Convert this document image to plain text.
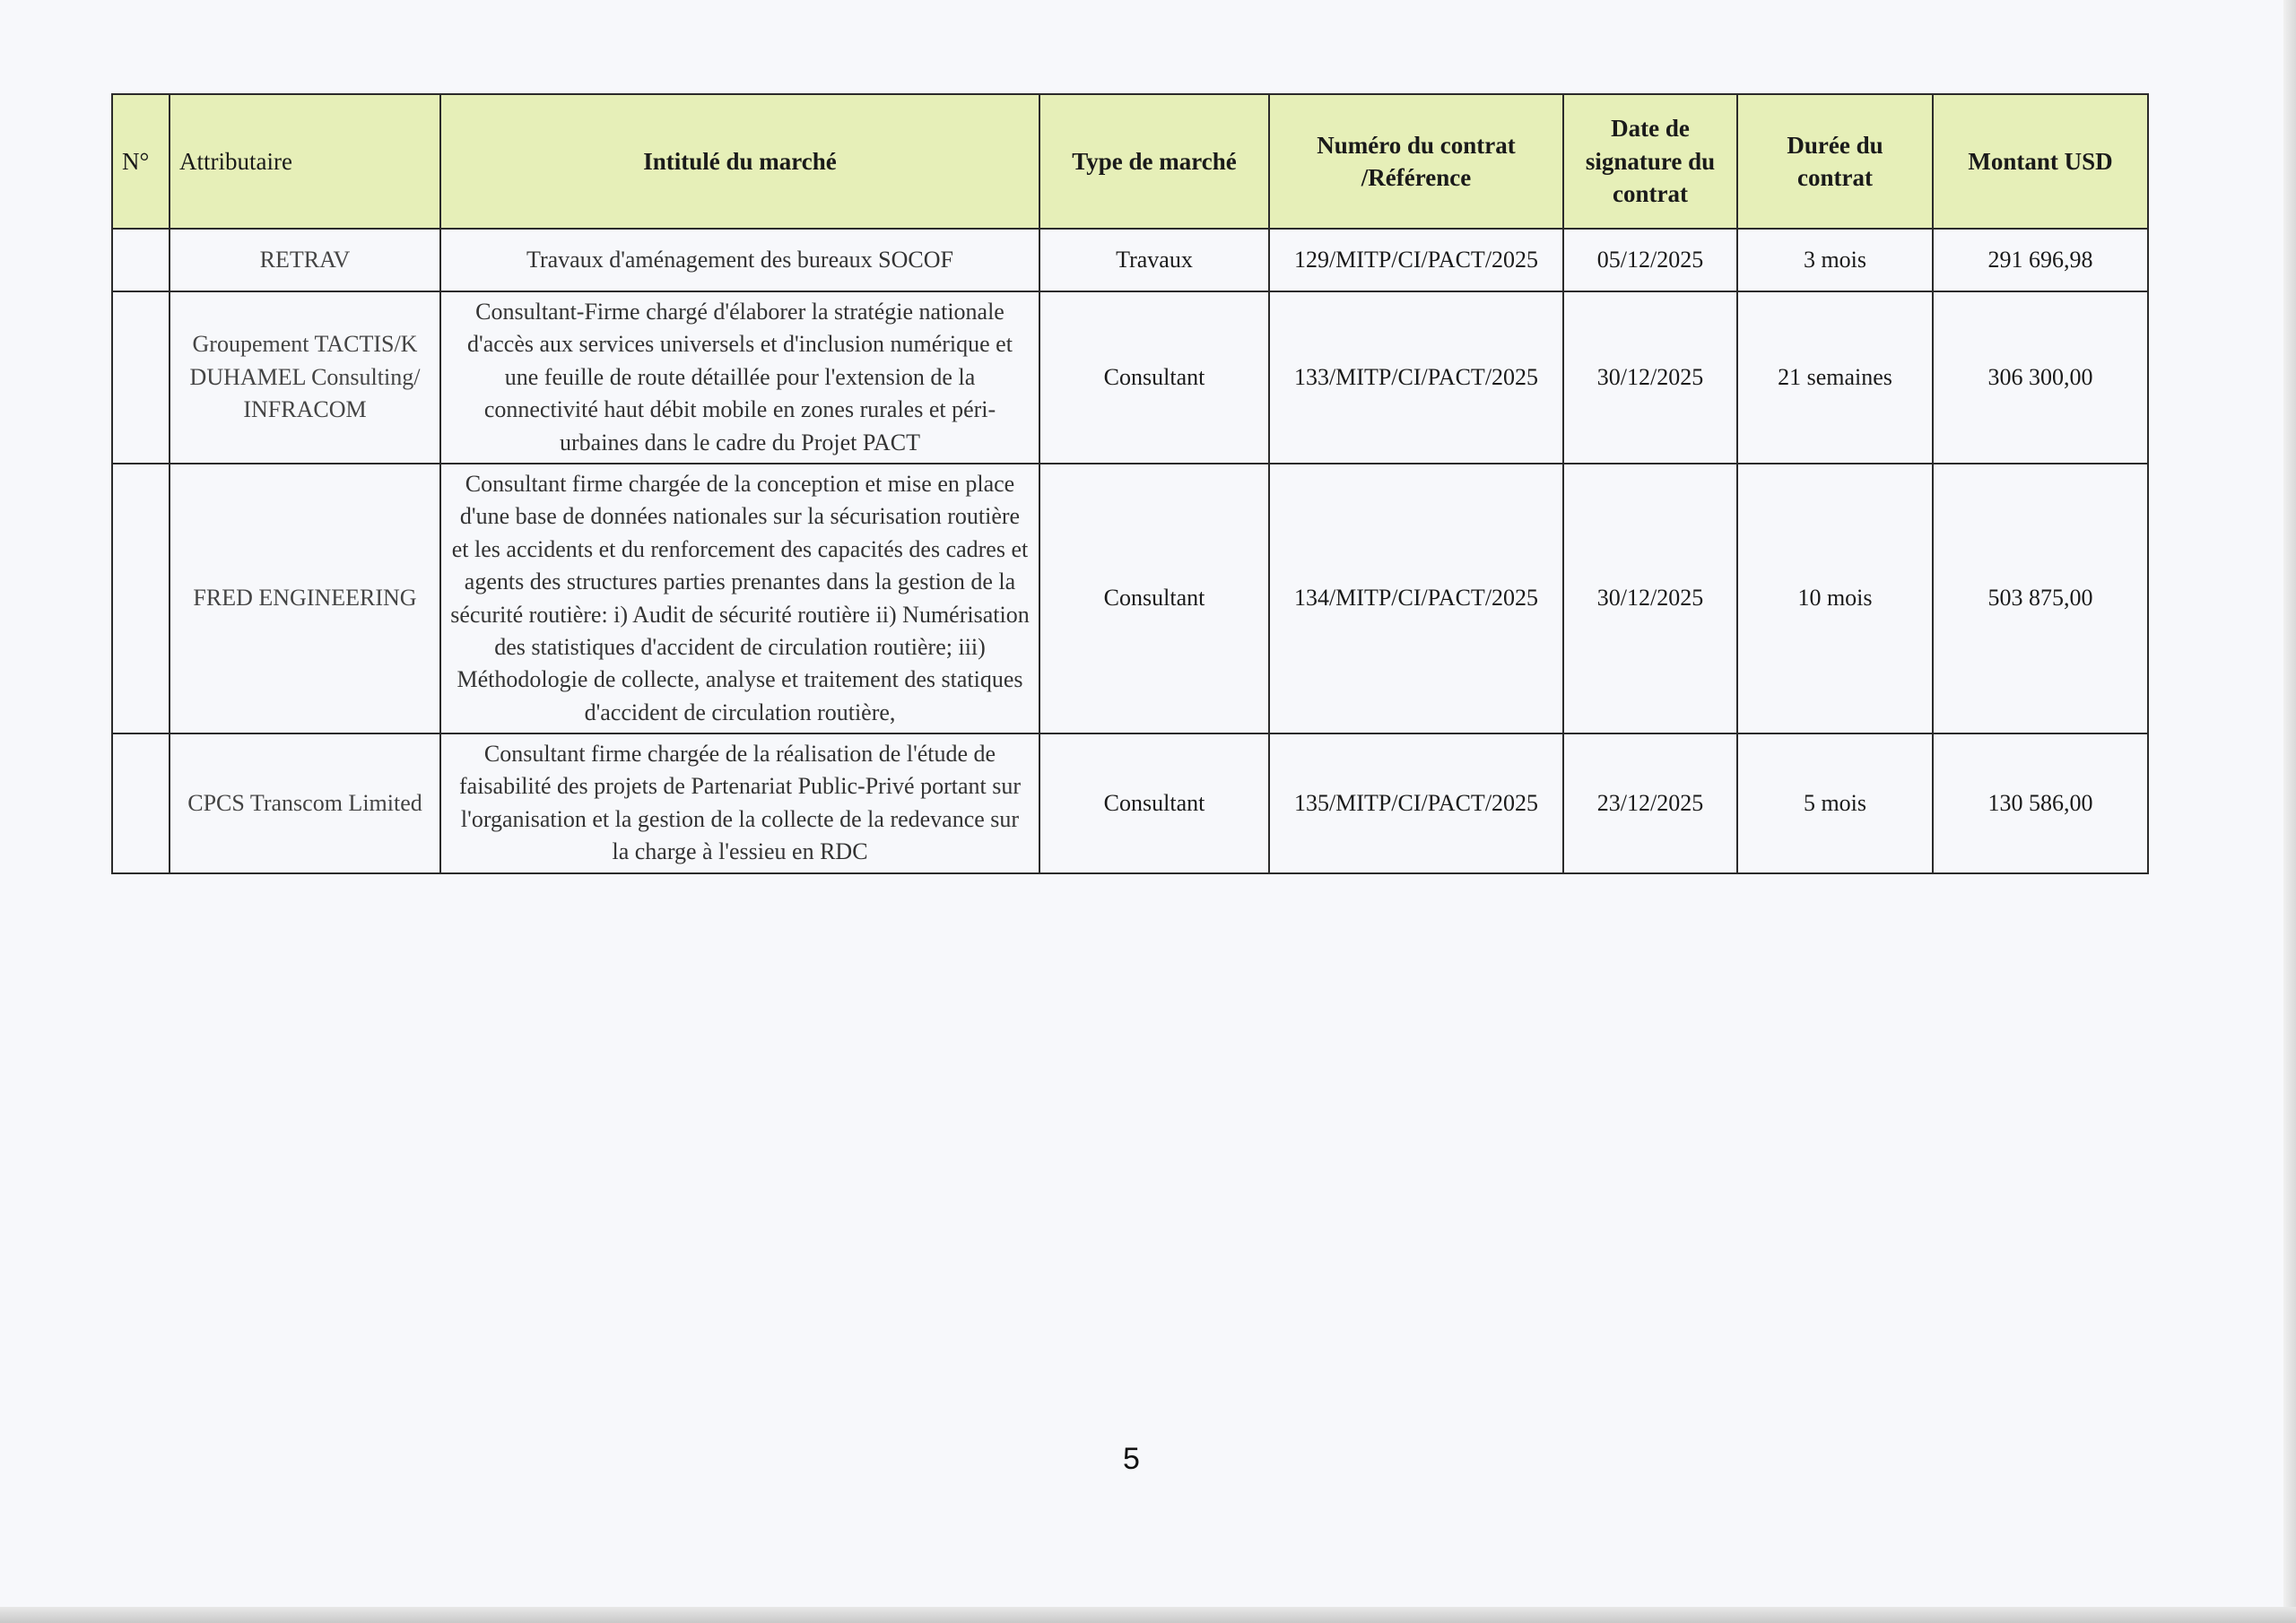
N°	Attributaire	Intitulé du marché	Type de marché	Numéro du contrat /Référence	Date de signature du contrat	Durée du contrat	Montant USD
	RETRAV	Travaux d'aménagement des bureaux SOCOF	Travaux	129/MITP/CI/PACT/2025	05/12/2025	3 mois	291 696,98
	Groupement TACTIS/K DUHAMEL Consulting/ INFRACOM	Consultant-Firme chargé d'élaborer la stratégie nationale d'accès aux services universels et d'inclusion numérique et une feuille de route détaillée pour l'extension de la connectivité haut débit mobile en zones rurales et péri-urbaines dans le cadre du Projet PACT	Consultant	133/MITP/CI/PACT/2025	30/12/2025	21 semaines	306 300,00
	FRED ENGINEERING	Consultant firme chargée de la conception et mise en place d'une base de données nationales sur la sécurisation routière et les accidents et du renforcement des capacités des cadres et agents des structures parties prenantes dans la gestion de la sécurité routière: i) Audit de sécurité routière ii) Numérisation des statistiques d'accident de circulation routière; iii) Méthodologie de collecte, analyse et traitement des statiques d'accident de circulation routière,	Consultant	134/MITP/CI/PACT/2025	30/12/2025	10 mois	503 875,00
	CPCS Transcom Limited	Consultant firme chargée de la réalisation de l'étude de faisabilité des projets de Partenariat Public-Privé portant sur l'organisation et la gestion de la collecte de la redevance sur la charge à l'essieu en RDC	Consultant	135/MITP/CI/PACT/2025	23/12/2025	5 mois	130 586,00
5
